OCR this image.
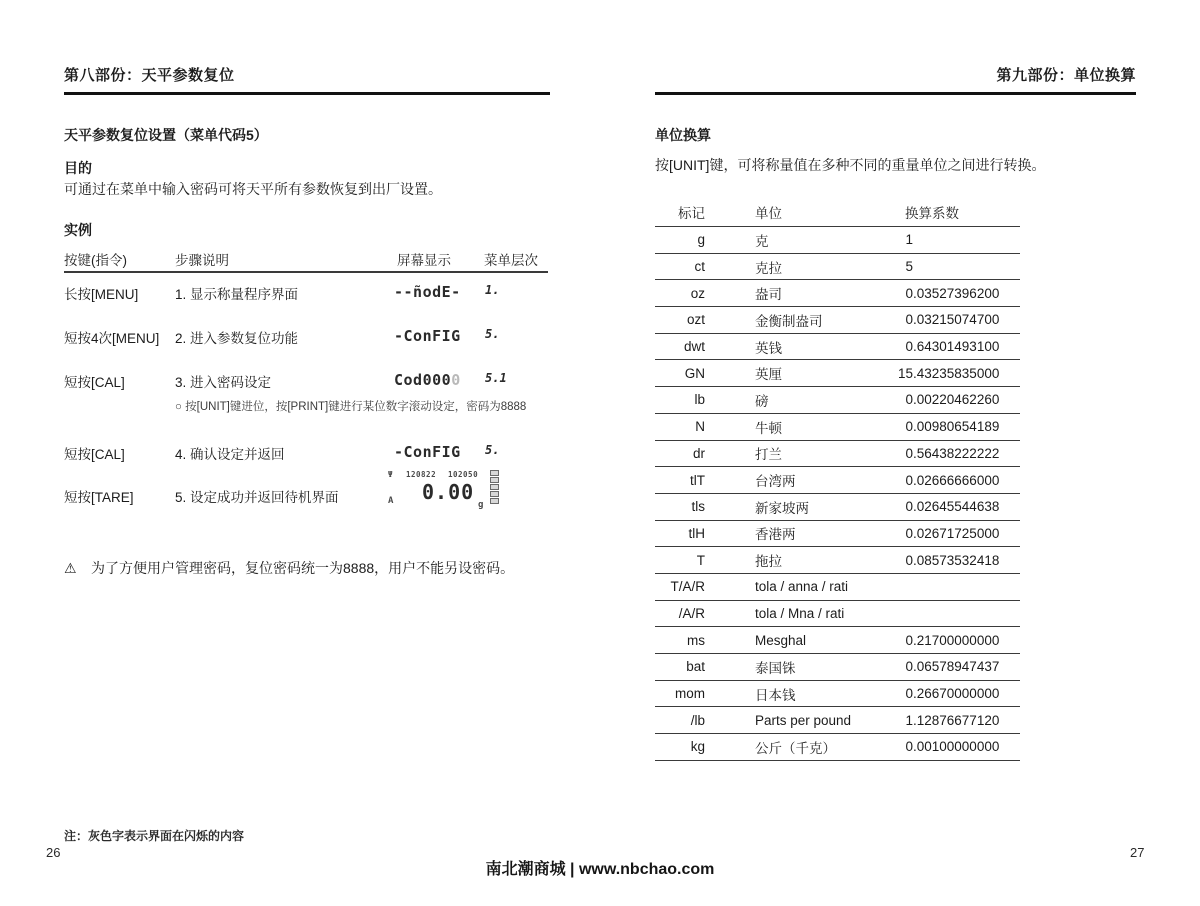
第八部份：天平参数复位
天平参数复位设置（菜单代码5）
目的
可通过在菜单中输入密码可将天平所有参数恢复到出厂设置。
实例
按键(指令)	步骤说明	屏幕显示 菜单层次
长按[MENU]	1. 显示称量程序界面	--ñodE-	1.
短按4次[MENU]	2. 进入参数复位功能	-ConFIG	5.
短按[CAL]	3. 进入密码设定	Cod0000	5.1
○ 按[UNIT]键进位，按[PRINT]键进行某位数字滚动设定，密码为8888
短按[CAL]	4. 确认设定并返回	-ConFIG	5.
短按[TARE]	5. 设定成功并返回待机界面
Ψ 120822 102050
A 0.00
g
⚠ 为了方便用户管理密码，复位密码统一为8888，用户不能另设密码。
注：灰色字表示界面在闪烁的内容
26
第九部份：单位换算
单位换算
按[UNIT]键，可将称量值在多种不同的重量单位之间进行转换。
27
标记	单位	换算系数
g	克	1
ct	克拉	5
oz	盎司	0.03527396200
ozt	金衡制盎司	0.03215074700
dwt	英钱	0.64301493100
GN	英厘	15.43235835000
lb	磅	0.00220462260
N	牛顿	0.00980654189
dr	打兰	0.56438222222
tlT	台湾两	0.02666666000
tls	新家坡两	0.02645544638
tlH	香港两	0.02671725000
T	拖拉	0.08573532418
T/A/R	tola / anna / rati
/A/R	tola / Mna / rati
ms	Mesghal	0.21700000000
bat	泰国铢	0.06578947437
mom	日本钱	0.26670000000
/lb	Parts per pound	1.12876677120
kg	公斤（千克）	0.00100000000
南北潮商城 | www.nbchao.com
